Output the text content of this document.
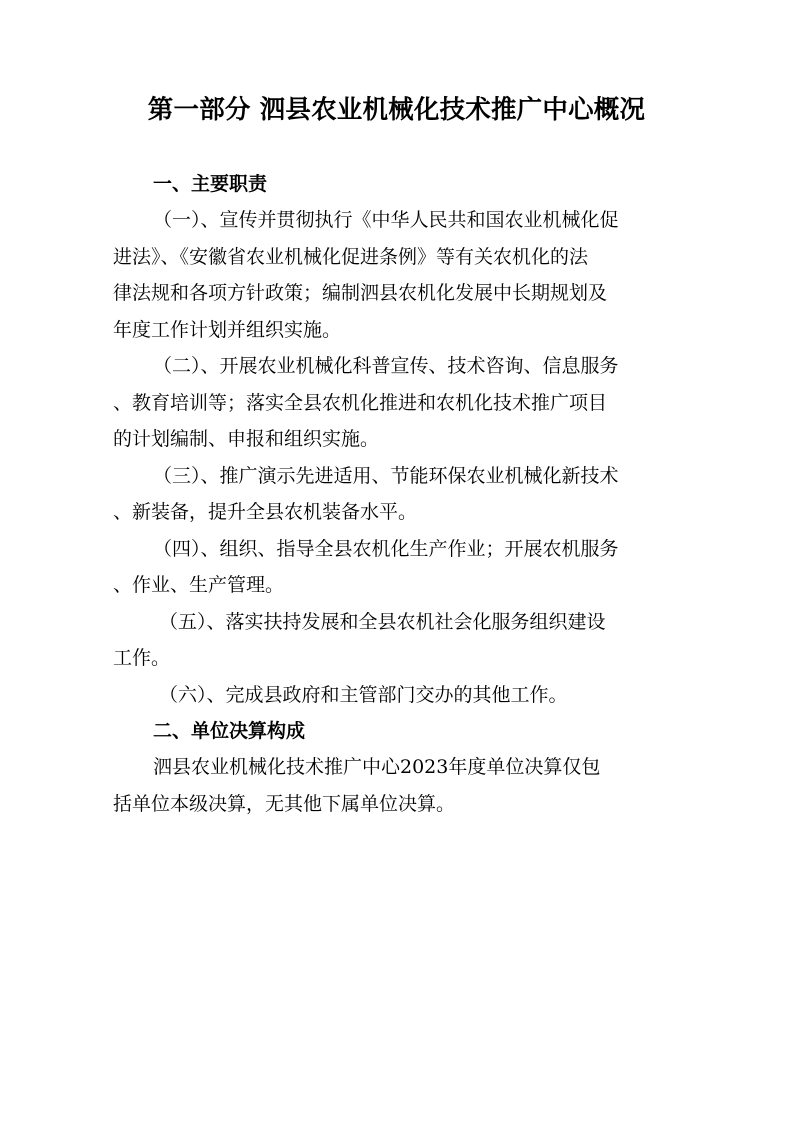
第一部分 泗县农业机械化技术推广中心概况

一、主要职责

（一）、宣传并贯彻执行《中华人民共和国农业机械化促
进法》、《安徽省农业机械化促进条例》等有关农机化的法
律法规和各项方针政策；编制泗县农机化发展中长期规划及
年度工作计划并组织实施。

（二）、开展农业机械化科普宣传、技术咨询、信息服务
、教育培训等；落实全县农机化推进和农机化技术推广项目
的计划编制、申报和组织实施。

（三）、推广演示先进适用、节能环保农业机械化新技术
、新装备，提升全县农机装备水平。

（四）、组织、指导全县农机化生产作业；开展农机服务
、作业、生产管理。

（五）、落实扶持发展和全县农机社会化服务组织建设
工作。

（六）、完成县政府和主管部门交办的其他工作。

二、单位决算构成

泗县农业机械化技术推广中心2023年度单位决算仅包
括单位本级决算，无其他下属单位决算。
